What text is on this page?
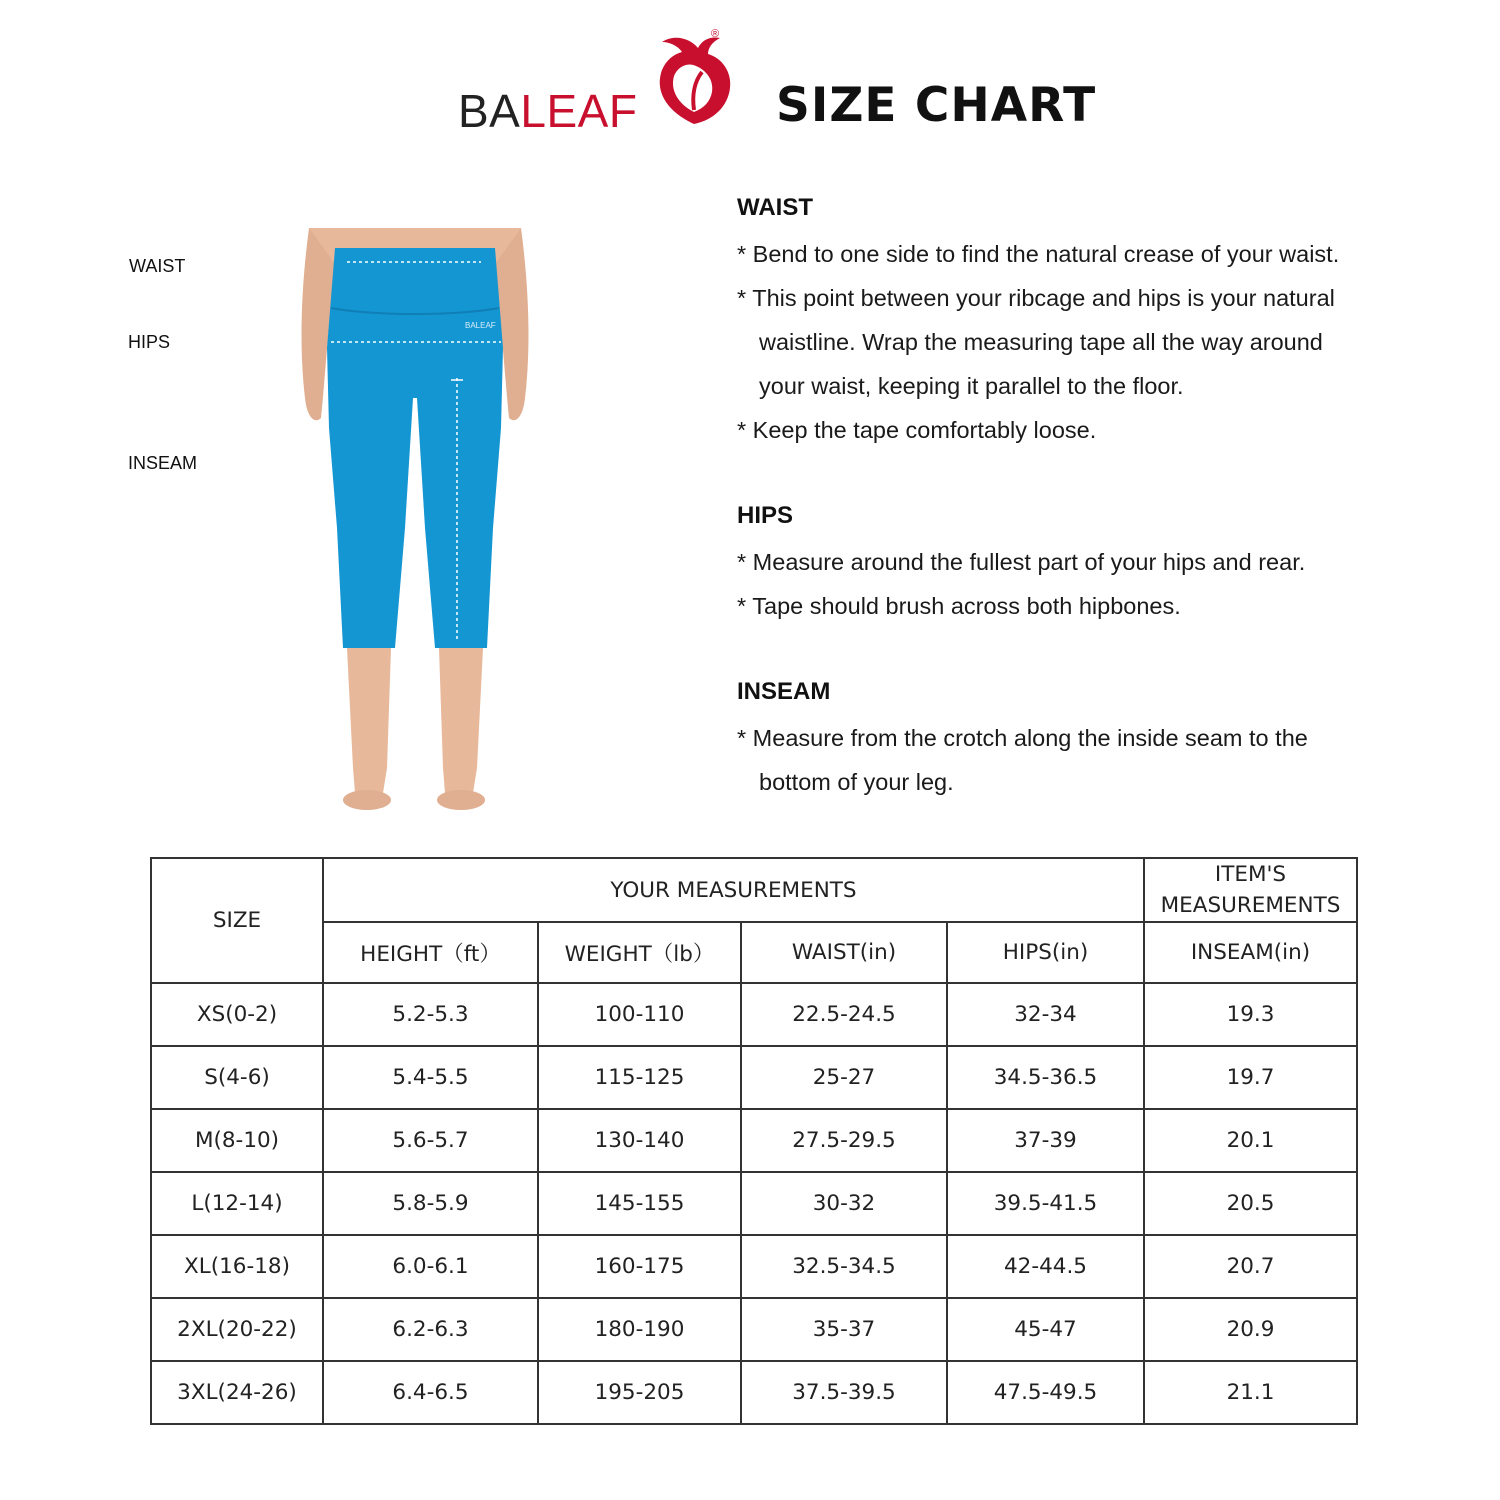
BALEAF
®
SIZE CHART
WAIST
HIPS
INSEAM
BALEAF
WAIST
* Bend to one side to find the natural crease of your waist.
* This point between your ribcage and hips is your natural
waistline. Wrap the measuring tape all the way around
your waist, keeping it parallel to the floor.
* Keep the tape comfortably loose.
HIPS
* Measure around the fullest part of your hips and rear.
* Tape should brush across both hipbones.
INSEAM
* Measure from the crotch along the inside seam to the
bottom of your leg.
SIZE	YOUR MEASUREMENTS				ITEM'S MEASUREMENTS
	HEIGHT（ft）	WEIGHT（lb）	WAIST(in)	HIPS(in)	INSEAM(in)
XS(0-2)	5.2-5.3	100-110	22.5-24.5	32-34	19.3
S(4-6)	5.4-5.5	115-125	25-27	34.5-36.5	19.7
M(8-10)	5.6-5.7	130-140	27.5-29.5	37-39	20.1
L(12-14)	5.8-5.9	145-155	30-32	39.5-41.5	20.5
XL(16-18)	6.0-6.1	160-175	32.5-34.5	42-44.5	20.7
2XL(20-22)	6.2-6.3	180-190	35-37	45-47	20.9
3XL(24-26)	6.4-6.5	195-205	37.5-39.5	47.5-49.5	21.1
